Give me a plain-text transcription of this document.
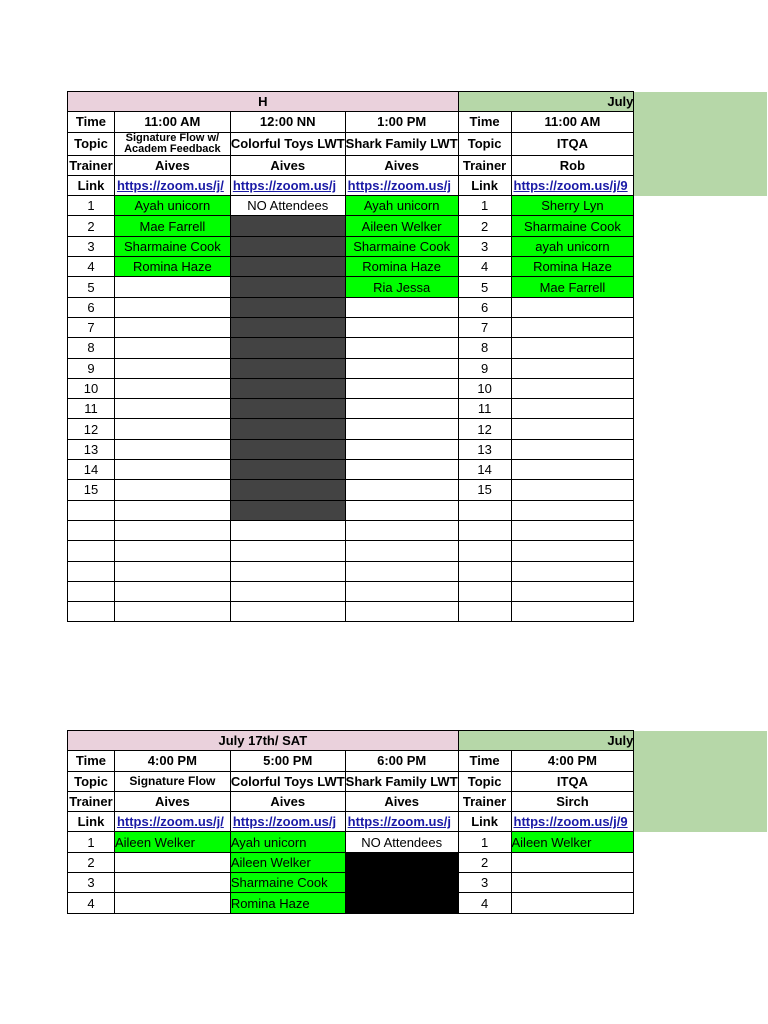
H				July		
Time	11:00 AM	12:00 NN	1:00 PM	Time	11:00 AM	
Topic	Signature Flow w/ Academ Feedback	Colorful Toys LWT	Shark Family LWT	Topic	ITQA	
Trainer	Aives	Aives	Aives	Trainer	Rob	
Link	https://zoom.us/j/	https://zoom.us/j	https://zoom.us/j	Link	https://zoom.us/j/9	
1	Ayah unicorn	NO Attendees	Ayah unicorn	1	Sherry Lyn	
2	Mae Farrell		Aileen Welker	2	Sharmaine Cook	
3	Sharmaine Cook		Sharmaine Cook	3	ayah unicorn	
4	Romina Haze		Romina Haze	4	Romina Haze	
5			Ria Jessa	5	Mae Farrell	
6				6		
7				7		
8				8		
9				9		
10				10		
11				11		
12				12		
13				13		
14				14		
15				15		

July 17th/ SAT				July		
Time	4:00 PM	5:00 PM	6:00 PM	Time	4:00 PM	
Topic	Signature Flow	Colorful Toys LWT	Shark Family LWT	Topic	ITQA	
Trainer	Aives	Aives	Aives	Trainer	Sirch	
Link	https://zoom.us/j/	https://zoom.us/j	https://zoom.us/j	Link	https://zoom.us/j/9	
1	Aileen Welker	Ayah unicorn	NO Attendees	1	Aileen Welker	
2		Aileen Welker		2		
3		Sharmaine Cook		3		
4		Romina Haze		4		
